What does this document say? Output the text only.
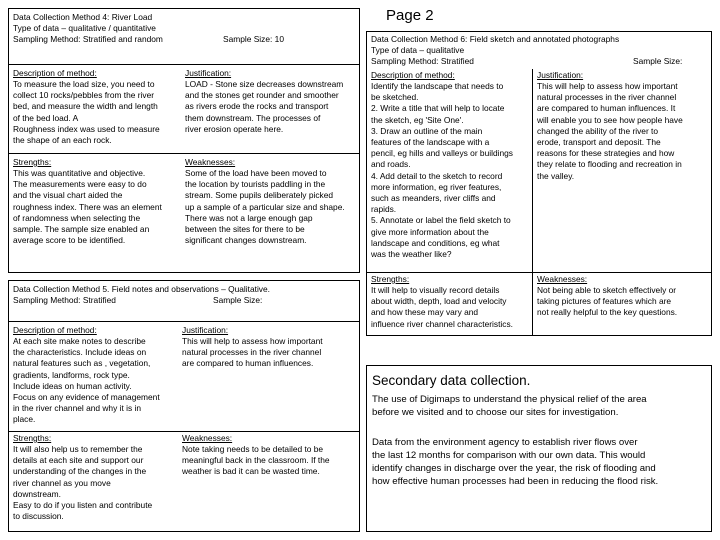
Data Collection Method 4: River Load
Type of data – qualitative / quantitative
Sampling Method: Stratified and random	Sample Size: 10
Description of method:
To measure the load size, you need to
collect 10 rocks/pebbles from the river
bed, and measure the width and length
of the bed load. A
Roughness index was used to measure
the shape of an each rock.
Justification:
LOAD - Stone size decreases downstream
and the stones get rounder and smoother
as rivers erode the rocks and transport
them downstream. The processes of
river erosion operate here.
Strengths:
This was quantitative and objective.
The measurements were easy to do
and the visual chart aided the
roughness index. There was an element
of randomness when selecting the
sample. The sample size enabled an
average score to be identified.
Weaknesses:
Some of the load have been moved to
the location by tourists paddling in the
stream. Some pupils deliberately picked
up a sample of a particular size and shape.
There was not a large enough gap
between the sites for there to be
significant changes downstream.
Data Collection Method 5. Field notes and observations – Qualitative.
Sampling Method: Stratified	Sample Size:
Description of method:
At each site make notes to describe
the characteristics. Include ideas on
natural features such as , vegetation,
gradients, landforms, rock type.
Include ideas on human activity.
Focus on any evidence of management
in the river channel and why it is in
place.
Justification:
This will help to assess how important
natural processes in the river channel
are compared to human influences.
Strengths:
It will also help us to remember the
details at each site and support our
understanding of the changes in the
river channel as you move
downstream.
Easy to do if you listen and contribute
to discussion.
Weaknesses:
Note taking needs to be detailed to be
meaningful back in the classroom. If the
weather is bad it can be wasted time.
Page 2
Data Collection Method 6: Field sketch and annotated photographs
Type of data – qualitative
Sampling Method: Stratified	Sample Size:
Description of method:
Identify the landscape that needs to
be sketched.
2. Write a title that will help to locate
the sketch, eg 'Site One'.
3. Draw an outline of the main
features of the landscape with a
pencil, eg hills and valleys or buildings
and roads.
4. Add detail to the sketch to record
more information, eg river features,
such as meanders, river cliffs and
rapids.
5. Annotate or label the field sketch to
give more information about the
landscape and conditions, eg what
was the weather like?
Justification:
This will help to assess how important
natural processes in the river channel
are compared to human influences. It
will enable you to see how people have
changed the ability of the river to
erode, transport and deposit. The
reasons for these strategies and how
they relate to flooding and recreation in
the valley.
Strengths:
It will help to visually record details
about width, depth, load and velocity
and how these may vary and
influence river channel characteristics.
Weaknesses:
Not being able to sketch effectively or
taking pictures of features which are
not really helpful to the key questions.
Secondary data collection.
The use of Digimaps to understand the physical relief of the area
before we visited and to choose our sites for investigation.
Data from the environment agency to establish river flows over
the last 12 months for comparison with our own data. This would
identify changes in discharge over the year, the risk of flooding and
how effective human processes had been in reducing the flood risk.
